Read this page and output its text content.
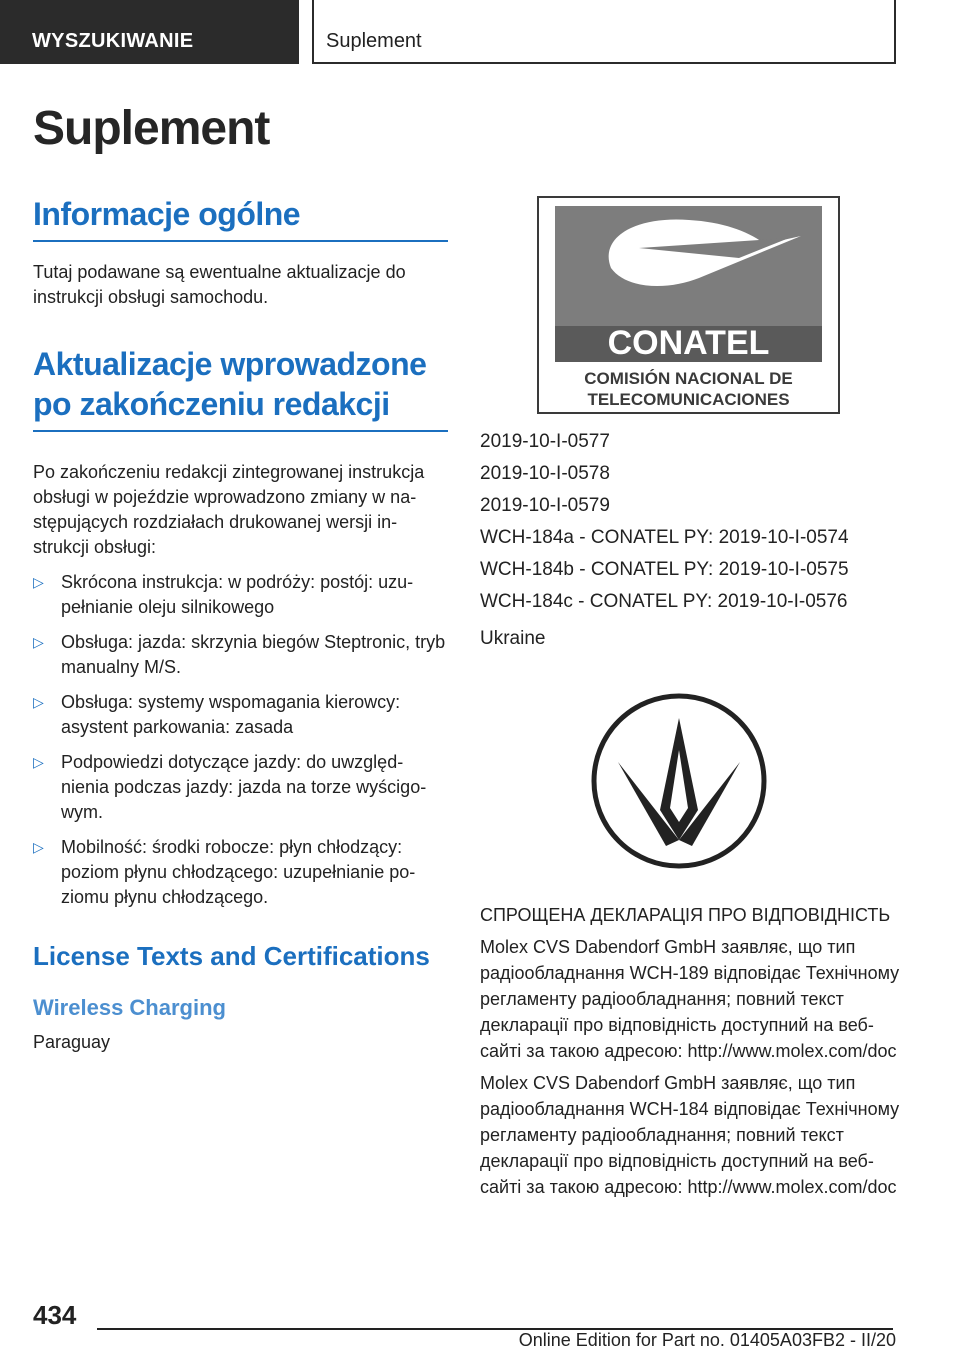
WYSZUKIWANIE	Suplement
Suplement
Informacje ogólne
Tutaj podawane są ewentualne aktualizacje do instrukcji obsługi samochodu.
Aktualizacje wprowadzone po zakończeniu redakcji
Po zakończeniu redakcji zintegrowanej instrukcja obsługi w pojeździe wprowadzono zmiany w na-stępujących rozdziałach drukowanej wersji in-strukcji obsługi:
▷ Skrócona instrukcja: w podróży: postój: uzu-pełnianie oleju silnikowego
▷ Obsługa: jazda: skrzynia biegów Steptronic, tryb manualny M/S.
▷ Obsługa: systemy wspomagania kierowcy: asystent parkowania: zasada
▷ Podpowiedzi dotyczące jazdy: do uwzględ-nienia podczas jazdy: jazda na torze wyścigo-wym.
▷ Mobilność: środki robocze: płyn chłodzący: poziom płynu chłodzącego: uzupełnianie po-ziomu płynu chłodzącego.
License Texts and Certifications
Wireless Charging
Paraguay
CONATEL
COMISIÓN NACIONAL DE
TELECOMUNICACIONES
2019-10-I-0577
2019-10-I-0578
2019-10-I-0579
WCH-184a - CONATEL PY: 2019-10-I-0574
WCH-184b - CONATEL PY: 2019-10-I-0575
WCH-184c - CONATEL PY: 2019-10-I-0576
Ukraine

СПРОЩЕНА ДЕКЛАРАЦІЯ ПРО ВІДПОВІДНІСТЬ

Molex CVS Dabendorf GmbH заявляє, що тип радіообладнання WCH-189 відповідає Технічному регламенту радіообладнання; повний текст декларації про відповідність доступний на веб-сайті за такою адресою: http://www.molex.com/doc

Molex CVS Dabendorf GmbH заявляє, що тип радіообладнання WCH-184 відповідає Технічному регламенту радіообладнання; повний текст декларації про відповідність доступний на веб-сайті за такою адресою: http://www.molex.com/doc

434
Online Edition for Part no. 01405A03FB2 - II/20
